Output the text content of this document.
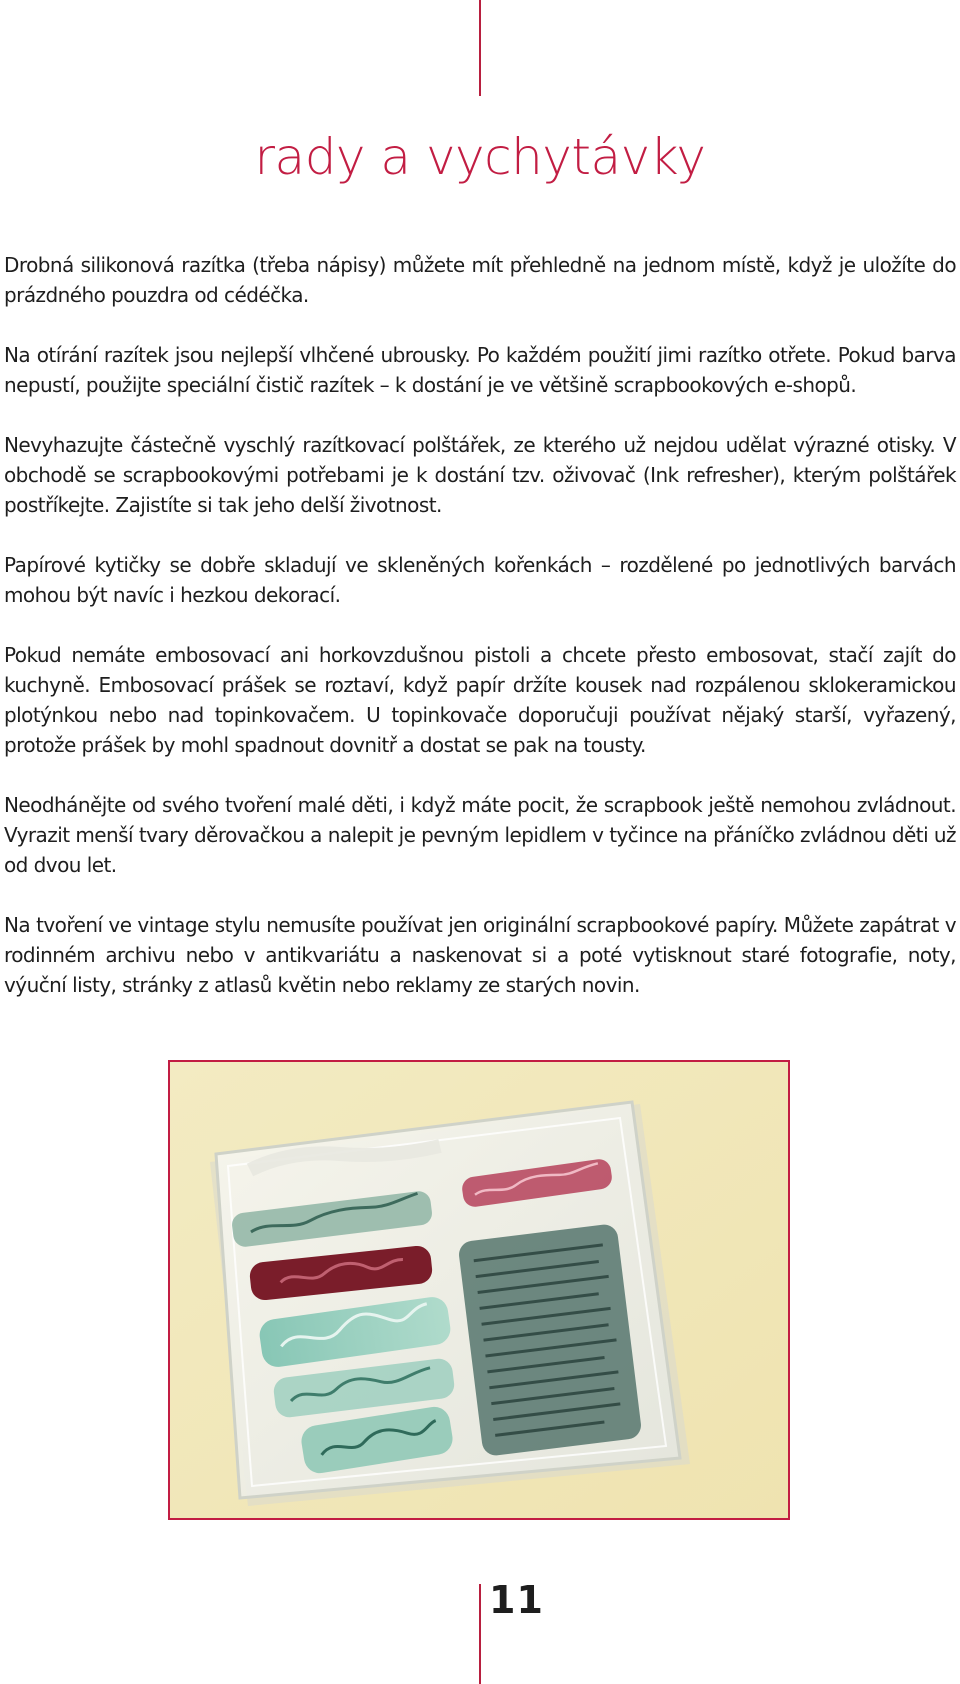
rady a vychytávky

Drobná silikonová razítka (třeba nápisy) můžete mít přehledně na jednom místě, když je uložíte do prázdného pouzdra od cédéčka.

Na otírání razítek jsou nejlepší vlhčené ubrousky. Po každém použití jimi razítko otřete. Pokud barva nepustí, použijte speciální čistič razítek – k dostání je ve většině scrapbookových e-shopů.

Nevyhazujte částečně vyschlý razítkovací polštářek, ze kterého už nejdou udělat výrazné otisky. V obchodě se scrapbookovými potřebami je k dostání tzv. oživovač (Ink refresher), kterým polštářek postříkejte. Zajistíte si tak jeho delší životnost.

Papírové kytičky se dobře skladují ve skleněných kořenkách – rozdělené po jednotlivých barvách mohou být navíc i hezkou dekorací.

Pokud nemáte embosovací ani horkovzdušnou pistoli a chcete přesto embosovat, stačí zajít do kuchyně. Embosovací prášek se roztaví, když papír držíte kousek nad rozpálenou sklokeramickou plotýnkou nebo nad topinkovačem. U topinkovače doporučuji používat nějaký starší, vyřazený, protože prášek by mohl spadnout dovnitř a dostat se pak na tousty.

Neodhánějte od svého tvoření malé děti, i když máte pocit, že scrapbook ještě nemohou zvládnout. Vyrazit menší tvary děrovačkou a nalepit je pevným lepidlem v tyčince na přáníčko zvládnou děti už od dvou let.

Na tvoření ve vintage stylu nemusíte používat jen originální scrapbookové papíry. Můžete zapátrat v rodinném archivu nebo v antikvariátu a naskenovat si a poté vytisknout staré fotografie, noty, výuční listy, stránky z atlasů květin nebo reklamy ze starých novin.

11
